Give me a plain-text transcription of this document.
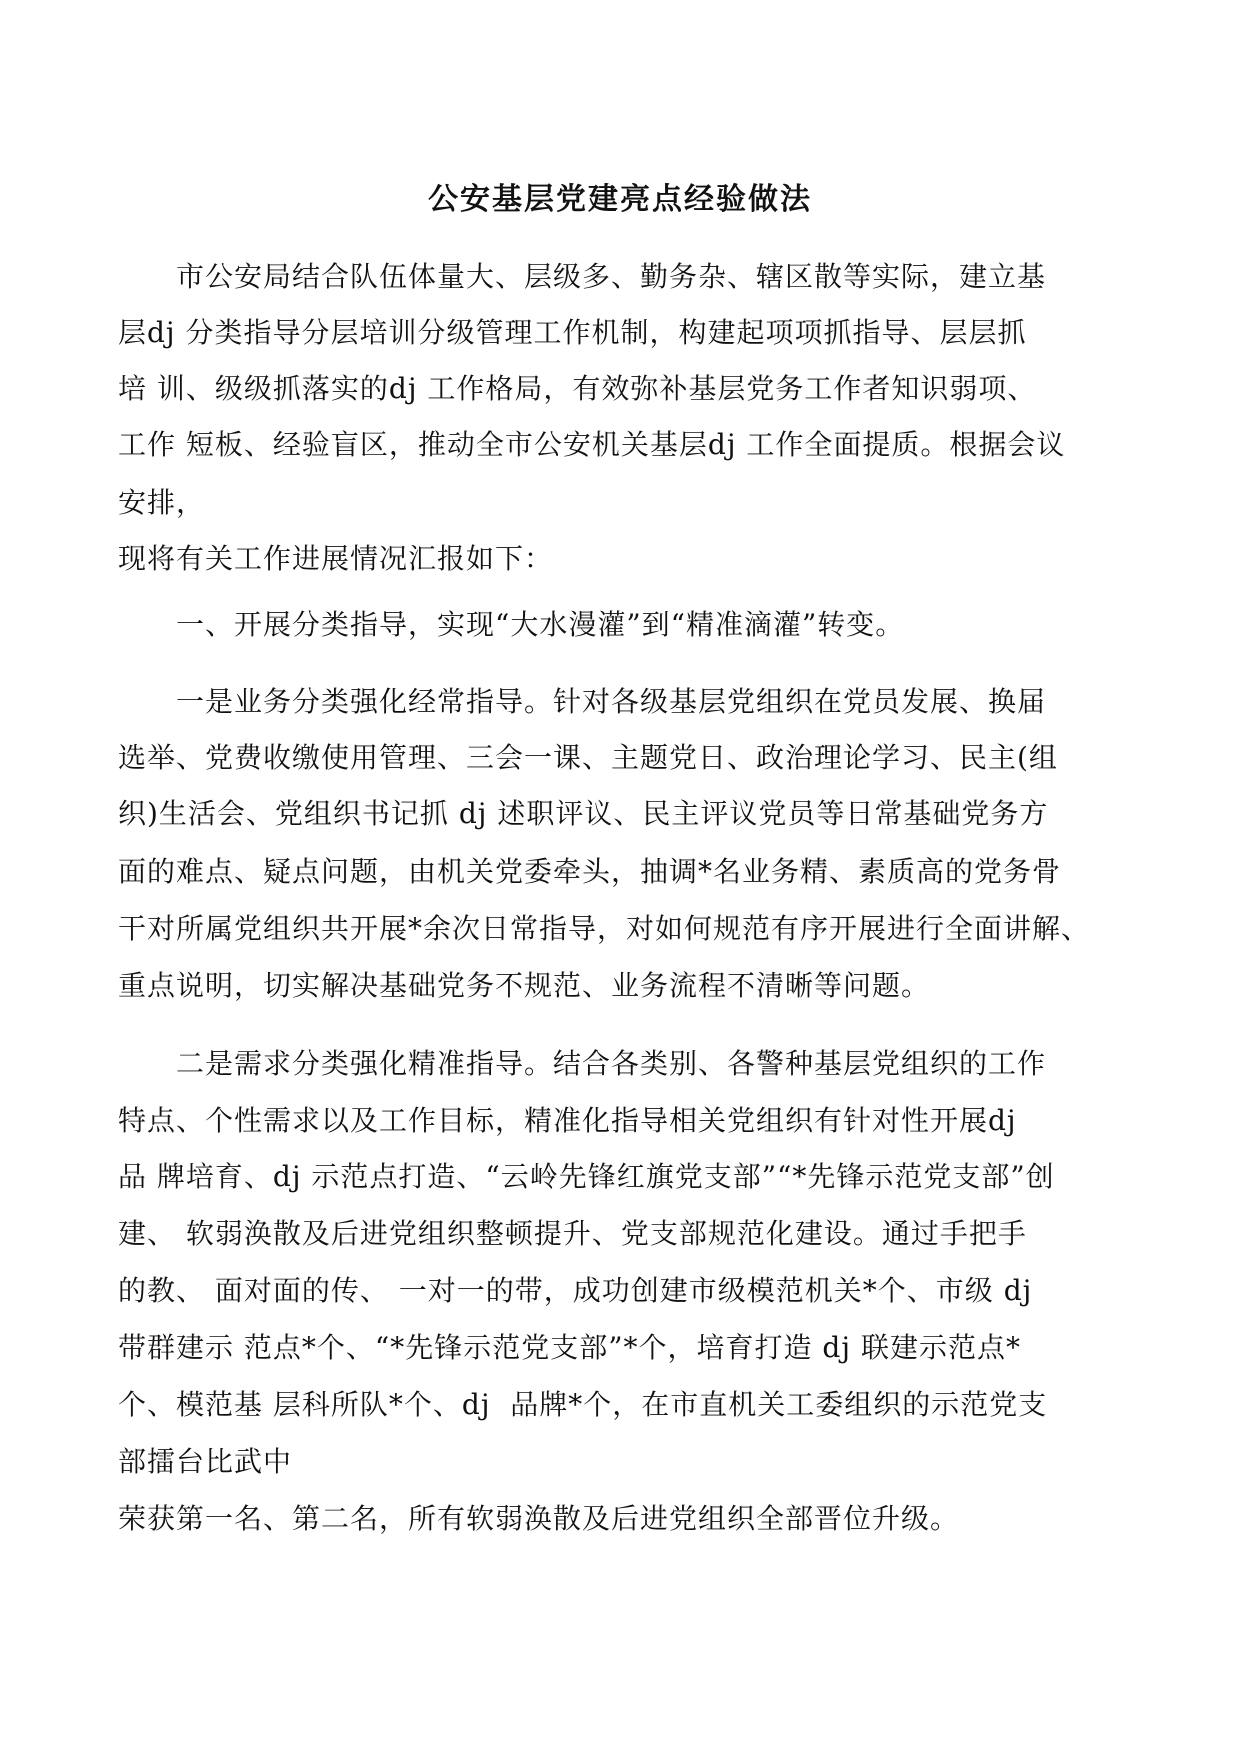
公安基层党建亮点经验做法
　　市公安局结合队伍体量大、层级多、勤务杂、辖区散等实际，建立基
层dj 分类指导分层培训分级管理工作机制，构建起项项抓指导、层层抓
培 训、级级抓落实的dj 工作格局，有效弥补基层党务工作者知识弱项、
工作 短板、经验盲区，推动全市公安机关基层dj 工作全面提质。根据会议
安排，
现将有关工作进展情况汇报如下：
　　一、开展分类指导，实现“大水漫灌”到“精准滴灌”转变。
　　一是业务分类强化经常指导。针对各级基层党组织在党员发展、换届
选举、党费收缴使用管理、三会一课、主题党日、政治理论学习、民主(组
织)生活会、党组织书记抓 dj 述职评议、民主评议党员等日常基础党务方
面的难点、疑点问题，由机关党委牵头，抽调*名业务精、素质高的党务骨
干对所属党组织共开展*余次日常指导，对如何规范有序开展进行全面讲解、
重点说明，切实解决基础党务不规范、业务流程不清晰等问题。
　　二是需求分类强化精准指导。结合各类别、各警种基层党组织的工作
特点、个性需求以及工作目标，精准化指导相关党组织有针对性开展dj
品 牌培育、dj 示范点打造、“云岭先锋红旗党支部”“*先锋示范党支部”创
建、 软弱涣散及后进党组织整顿提升、党支部规范化建设。通过手把手
的教、 面对面的传、 一对一的带，成功创建市级模范机关*个、市级 dj
带群建示 范点*个、“*先锋示范党支部”*个，培育打造 dj 联建示范点*
个、模范基 层科所队*个、dj  品牌*个，在市直机关工委组织的示范党支
部擂台比武中
荣获第一名、第二名，所有软弱涣散及后进党组织全部晋位升级。
